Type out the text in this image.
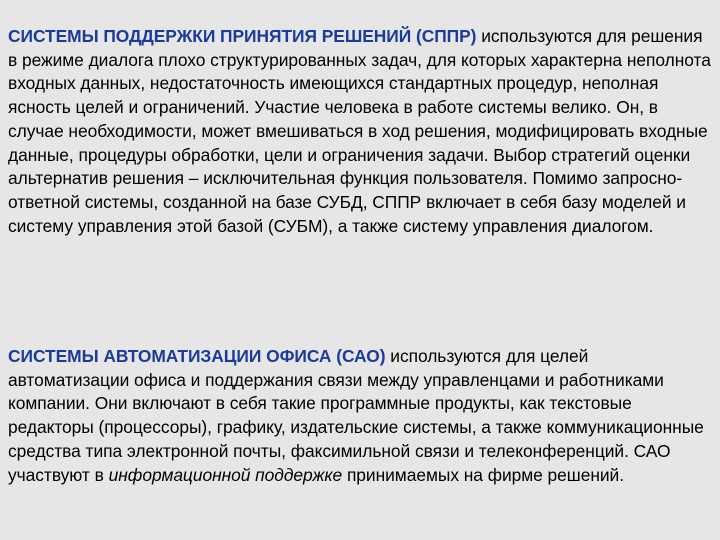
СИСТЕМЫ ПОДДЕРЖКИ ПРИНЯТИЯ РЕШЕНИЙ (СППР) используются для решения в режиме диалога плохо структурированных задач, для которых характерна неполнота входных данных, недостаточность имеющихся стандартных процедур, неполная ясность целей и ограничений. Участие человека в работе системы велико. Он, в случае необходимости, может вмешиваться в ход решения, модифицировать входные данные, процедуры обработки, цели и ограничения задачи. Выбор стратегий оценки альтернатив решения – исключительная функция пользователя. Помимо запросно-ответной системы, созданной на базе СУБД, СППР включает в себя базу моделей и систему управления этой базой (СУБМ), а также систему управления диалогом.

СИСТЕМЫ АВТОМАТИЗАЦИИ ОФИСА (САО) используются для целей автоматизации офиса и поддержания связи между управленцами и работниками компании. Они включают в себя такие программные продукты, как текстовые редакторы (процессоры), графику, издательские системы, а также коммуникационные средства типа электронной почты, факсимильной связи и телеконференций. САО участвуют в информационной поддержке принимаемых на фирме решений.
